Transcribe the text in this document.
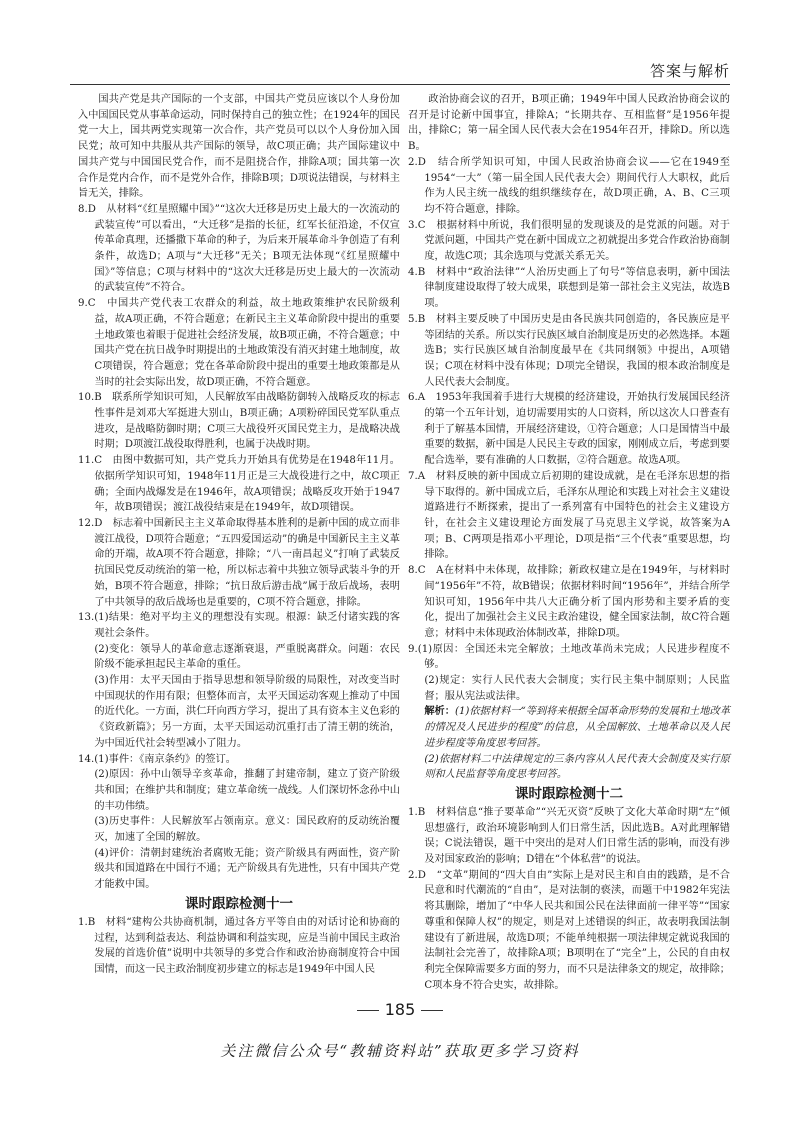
答案与解析

国共产党是共产国际的一个支部，中国共产党员应该以个人身份加入中国国民党从事革命运动，同时保持自己的独立性；在1924年的国民党一大上，国共两党实现第一次合作，共产党员可以以个人身份加入国民党；故可知中共服从共产国际的领导，故C项正确；共产国际建议中国共产党与中国国民党合作，而不是阻挠合作，排除A项；国共第一次合作是党内合作，而不是党外合作，排除B项；D项说法错误，与材料主旨无关，排除。

8.D　从材料“《红星照耀中国》”“这次大迁移是历史上最大的一次流动的武装宣传”可以看出，“大迁移”是指的长征，红军长征沿途，不仅宣传革命真理，还播撒下革命的种子，为后来开展革命斗争创造了有利条件，故选D；A项与“大迁移”无关；B项无法体现“《红星照耀中国》”等信息；C项与材料中的“这次大迁移是历史上最大的一次流动的武装宣传”不符合。

9.C　中国共产党代表工农群众的利益，故土地政策维护农民阶级利益，故A项正确，不符合题意；在新民主主义革命阶段中提出的重要土地政策也着眼于促进社会经济发展，故B项正确，不符合题意；中国共产党在抗日战争时期提出的土地政策没有消灭封建土地制度，故C项错误，符合题意；党在各革命阶段中提出的重要土地政策都是从当时的社会实际出发，故D项正确，不符合题意。

10.B　联系所学知识可知，人民解放军由战略防御转入战略反攻的标志性事件是刘邓大军挺进大别山，B项正确；A项粉碎国民党军队重点进攻，是战略防御时期；C项三大战役歼灭国民党主力，是战略决战时期；D项渡江战役取得胜利，也属于决战时期。

11.C　由图中数据可知，共产党兵力开始具有优势是在1948年11月。依据所学知识可知，1948年11月正是三大战役进行之中，故C项正确；全面内战爆发是在1946年，故A项错误；战略反攻开始于1947年，故B项错误；渡江战役结束是在1949年，故D项错误。

12.D　标志着中国新民主主义革命取得基本胜利的是新中国的成立而非渡江战役，D项符合题意；“五四爱国运动”的确是中国新民主主义革命的开端，故A项不符合题意，排除；“八一南昌起义”打响了武装反抗国民党反动统治的第一枪，所以标志着中共独立领导武装斗争的开始，B项不符合题意，排除；“抗日敌后游击战”属于敌后战场，表明了中共领导的敌后战场也是重要的，C项不符合题意，排除。

13.(1)结果：绝对平均主义的理想没有实现。根源：缺乏付诸实践的客观社会条件。

(2)变化：领导人的革命意志逐渐衰退，严重脱离群众。问题：农民阶级不能承担起民主革命的重任。

(3)作用：太平天国由于指导思想和领导阶级的局限性，对改变当时中国现状的作用有限；但整体而言，太平天国运动客观上推动了中国的近代化。一方面，洪仁玕向西方学习，提出了具有资本主义色彩的《资政新篇》；另一方面，太平天国运动沉重打击了清王朝的统治，为中国近代社会转型减小了阻力。

14.(1)事件：《南京条约》的签订。

(2)原因：孙中山领导辛亥革命，推翻了封建帝制，建立了资产阶级共和国；在维护共和制度；建立革命统一战线。人们深切怀念孙中山的丰功伟绩。

(3)历史事件：人民解放军占领南京。意义：国民政府的反动统治覆灭，加速了全国的解放。

(4)评价：清朝封建统治者腐败无能；资产阶级具有两面性，资产阶级共和国道路在中国行不通；无产阶级具有先进性，只有中国共产党才能救中国。

课时跟踪检测十一

1.B　材料“建构公共协商机制，通过各方平等自由的对话讨论和协商的过程，达到利益表达、利益协调和利益实现，应是当前中国民主政治发展的首选价值”说明中共领导的多党合作和政治协商制度符合中国国情，而这一民主政治制度初步建立的标志是1949年中国人民

政治协商会议的召开，B项正确；1949年中国人民政治协商会议的召开是讨论新中国事宜，排除A；“长期共存、互相监督”是1956年提出，排除C；第一届全国人民代表大会在1954年召开，排除D。所以选B。

2.D　结合所学知识可知，中国人民政治协商会议——它在1949至1954“一大”（第一届全国人民代表大会）期间代行人大职权，此后作为人民主统一战线的组织继续存在，故D项正确，A、B、C三项均不符合题意，排除。

3.C　根据材料中所说，我们很明显的发现谈及的是党派的问题。对于党派问题，中国共产党在新中国成立之初就提出多党合作政治协商制度，故选C项；其余选项与党派关系无关。

4.B　材料中“政治法律”“人治历史画上了句号”等信息表明，新中国法律制度建设取得了较大成果，联想到是第一部社会主义宪法，故选B项。

5.B　材料主要反映了中国历史是由各民族共同创造的，各民族应是平等团结的关系。所以实行民族区域自治制度是历史的必然选择。本题选B；实行民族区域自治制度最早在《共同纲领》中提出，A项错误；C项在材料中没有体现；D项完全错误，我国的根本政治制度是人民代表大会制度。

6.A　1953年我国着手进行大规模的经济建设，开始执行发展国民经济的第一个五年计划，迫切需要用实的人口资料，所以这次人口普查有利于了解基本国情，开展经济建设，①符合题意；人口是国情当中最重要的数据，新中国是人民民主专政的国家，刚刚成立后，考虑到要配合选举，要有准确的人口数据，②符合题意。故选A项。

7.A　材料反映的新中国成立后初期的建设成就，是在毛泽东思想的指导下取得的。新中国成立后，毛泽东从理论和实践上对社会主义建设道路进行不断探索，提出了一系列富有中国特色的社会主义建设方针，在社会主义建设理论方面发展了马克思主义学说，故答案为A项；B、C两项是指邓小平理论，D项是指“三个代表”重要思想，均排除。

8.C　A在材料中未体现，故排除；新政权建立是在1949年，与材料时间“1956年”不符，故B错误；依据材料时间“1956年”，并结合所学知识可知，1956年中共八大正确分析了国内形势和主要矛盾的变化，提出了加强社会主义民主政治建设，健全国家法制，故C符合题意；材料中未体现政治体制改革，排除D项。

9.(1)原因：全国还未完全解放；土地改革尚未完成；人民进步程度不够。

(2)规定：实行人民代表大会制度；实行民主集中制原则；人民监督；服从宪法或法律。

解析：(1)依据材料一“等到将来根据全国革命形势的发展和土地改革的情况及人民进步的程度”的信息，从全国解放、土地革命以及人民进步程度等角度思考回答。

(2)依据材料二中法律规定的三条内容从人民代表大会制度及实行原则和人民监督等角度思考回答。

课时跟踪检测十二

1.B　材料信息“推子要革命”“兴无灭资”反映了文化大革命时期“左”倾思想盛行，政治环境影响到人们日常生活，因此选B。A对此理解错误；C说法错误，题干中突出的是对人们日常生活的影响，而没有涉及对国家政治的影响；D错在“个体私营”的说法。

2.D　“文革”期间的“四大自由”实际上是对民主和自由的践踏，是不合民意和时代潮流的“自由”，是对法制的亵渎，而题干中1982年宪法将其删除，增加了“中华人民共和国公民在法律面前一律平等”“国家尊重和保障人权”的规定，则是对上述错误的纠正，故表明我国法制建设有了新进展，故选D项；不能单纯根据一项法律规定就说我国的法制社会完善了，故排除A项；B项明在了“完全”上，公民的自由权利完全保障需要多方面的努力，而不只是法律条文的规定，故排除；C项本身不符合史实，故排除。

185
关注微信公众号“教辅资料站”获取更多学习资料
